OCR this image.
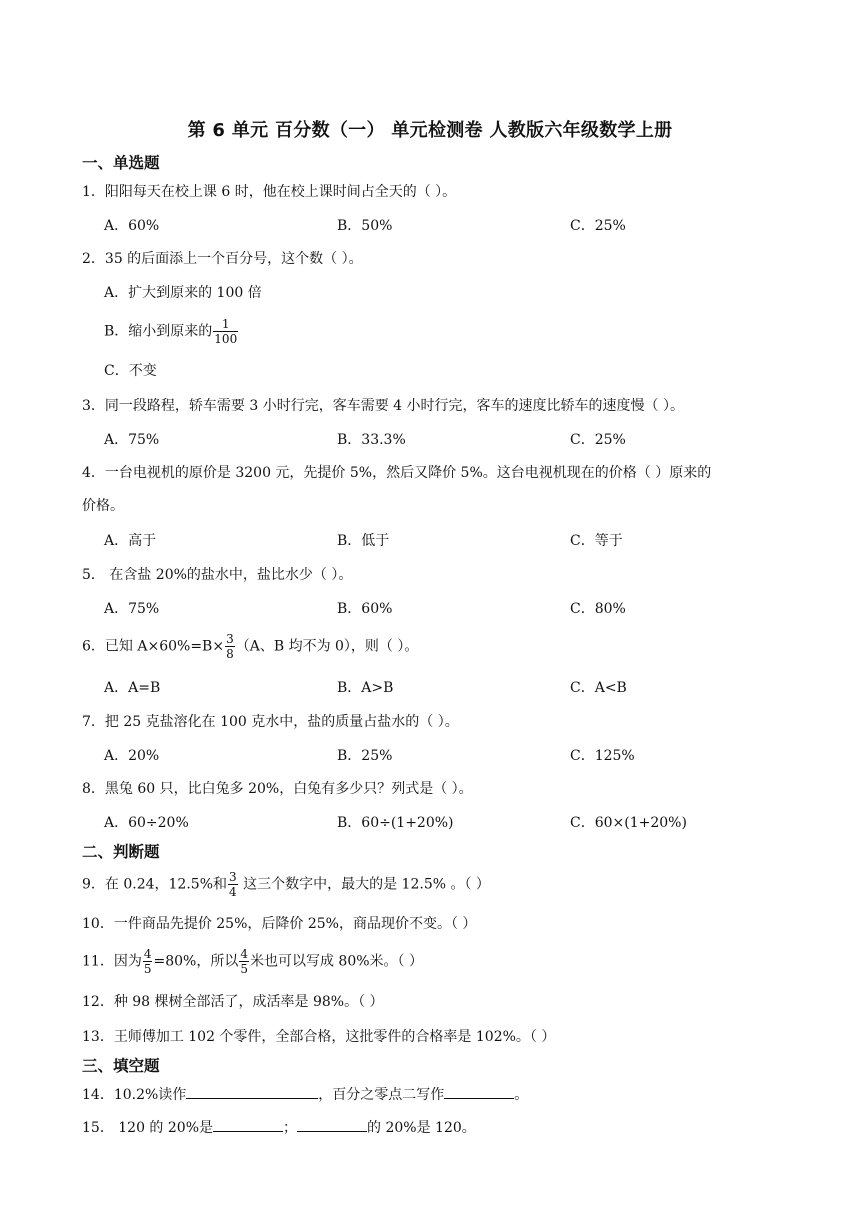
第 6 单元 百分数（一） 单元检测卷 人教版六年级数学上册
一、单选题
1．阳阳每天在校上课 6 时，他在校上课时间占全天的（ ）。
A．60%	B．50%	C．25%
2．35 的后面添上一个百分号，这个数（ ）。
A．扩大到原来的 100 倍
B．缩小到原来的 $\frac{1}{100}$
C．不变
3．同一段路程，轿车需要 3 小时行完，客车需要 4 小时行完，客车的速度比轿车的速度慢（ ）。
A．75%	B．33.3%	C．25%
4．一台电视机的原价是 3200 元，先提价 5%，然后又降价 5%。这台电视机现在的价格（ ）原来的
价格。
A．高于	B．低于	C．等于
5． 在含盐 20%的盐水中，盐比水少（ ）。
A．75%	B．60%	C．80%
6．已知 $A\times 60\%=B\times \frac{3}{8} (A$、B 均不为 0），则（ ）。
A．A=B	B．A>B	C．A<B
7．把 25 克盐溶化在 100 克水中，盐的质量占盐水的（ ）。
A．20%	B．25%	C．125%
8．黑兔 60 只，比白兔多 20%，白兔有多少只？列式是（ ）。
A．60÷20%	B．60÷(1+20%)	C．60×(1+20%)
二、判断题
9．在 0.24，12.5%和 $\frac{3}{4}$ 这三个数字中，最大的是 12.5% 。（ ）
10．一件商品先提价 25%，后降价 25%，商品现价不变。（ ）
11．因为 $\frac{4}{5} =80\%$，所以 $\frac{4}{5}$ 米也可以写成 80%米。（ ）
12．种 98 棵树全部活了，成活率是 98%。（ ）
13．王师傅加工 102 个零件，全部合格，这批零件的合格率是 102%。（ ）
三、填空题
14．10.2%读作	，百分之零点二写作	。
15． 120 的 20%是	；	的 20%是 120。
